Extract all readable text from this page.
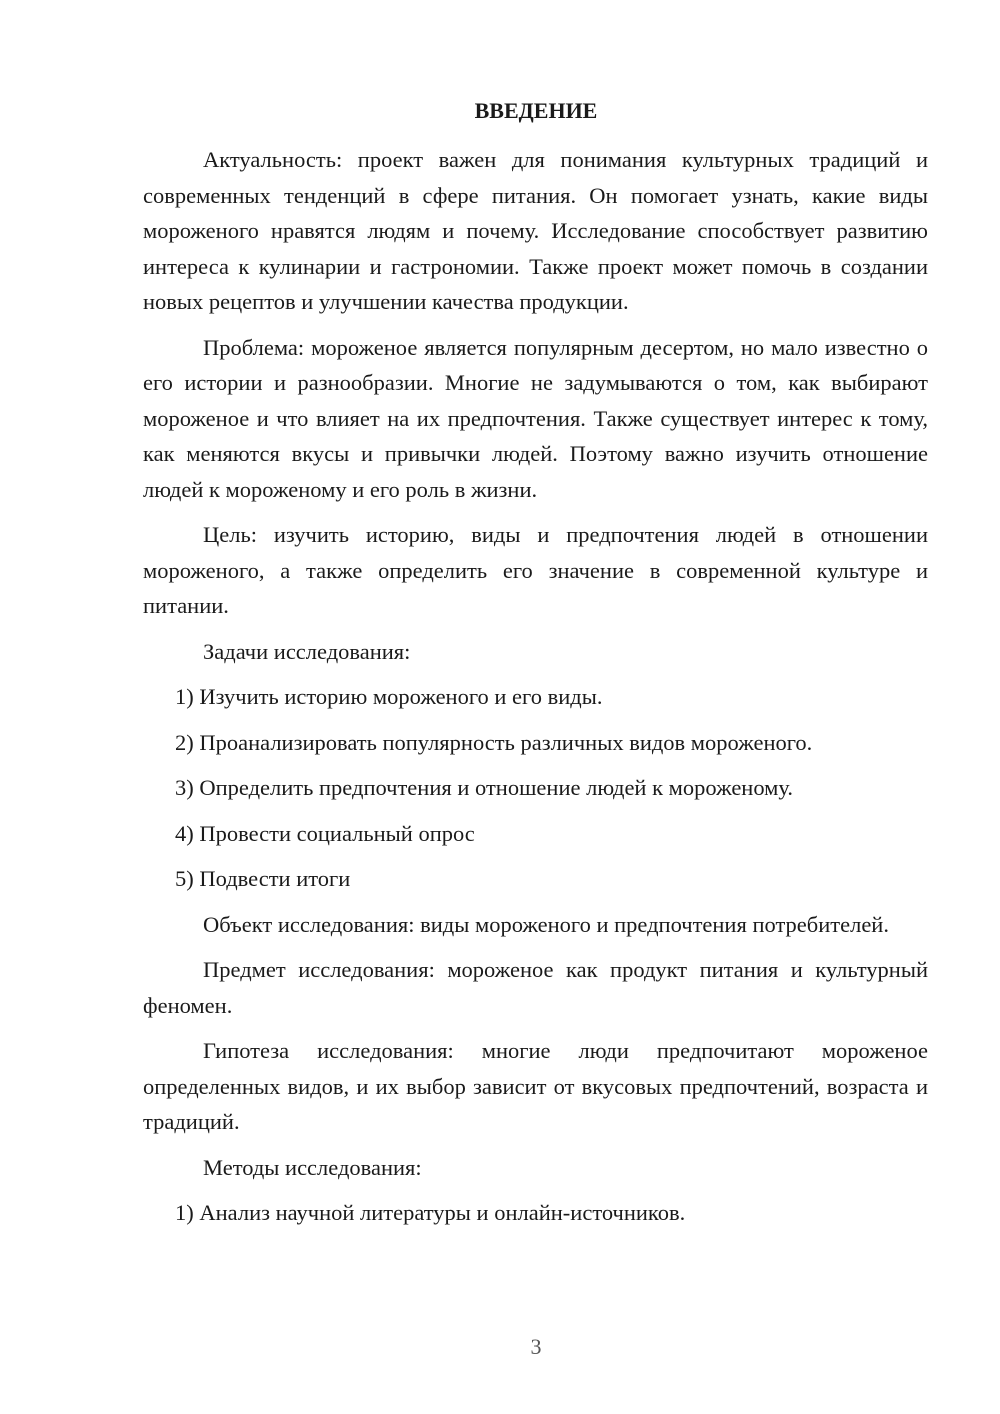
ВВЕДЕНИЕ

Актуальность: проект важен для понимания культурных традиций и современных тенденций в сфере питания. Он помогает узнать, какие виды мороженого нравятся людям и почему. Исследование способствует развитию интереса к кулинарии и гастрономии. Также проект может помочь в создании новых рецептов и улучшении качества продукции.

Проблема: мороженое является популярным десертом, но мало известно о его истории и разнообразии. Многие не задумываются о том, как выбирают мороженое и что влияет на их предпочтения. Также существует интерес к тому, как меняются вкусы и привычки людей. Поэтому важно изучить отношение людей к мороженому и его роль в жизни.

Цель: изучить историю, виды и предпочтения людей в отношении мороженого, а также определить его значение в современной культуре и питании.

Задачи исследования:

1) Изучить историю мороженого и его виды.

2) Проанализировать популярность различных видов мороженого.

3) Определить предпочтения и отношение людей к мороженому.

4) Провести социальный опрос

5) Подвести итоги

Объект исследования: виды мороженого и предпочтения потребителей.

Предмет исследования: мороженое как продукт питания и культурный феномен.

Гипотеза исследования: многие люди предпочитают мороженое определенных видов, и их выбор зависит от вкусовых предпочтений, возраста и традиций.

Методы исследования:

1) Анализ научной литературы и онлайн-источников.

3
